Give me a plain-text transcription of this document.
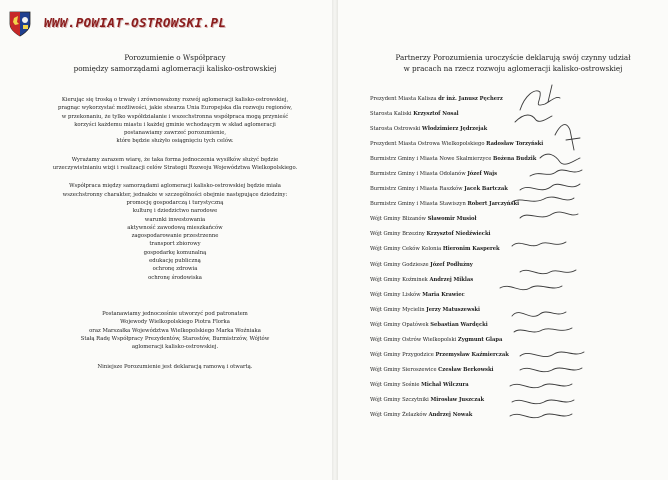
WWW.POWIAT-OSTROWSKI.PL
Porozumienie o Współpracy
pomiędzy samorządami aglomeracji kalisko-ostrowskiej

Kierując się troską o trwały i zrównoważony rozwój aglomeracji kalisko-ostrowskiej,

pragnąc wykorzystać możliwości, jakie stwarza Unia Europejska dla rozwoju regionów,

w przekonaniu, że tylko współdziałanie i wszechstronna współpraca mogą przynieść

korzyści każdemu miastu i każdej gminie wchodzącym w skład aglomeracji

postanawiamy zawrzeć porozumienie,

które będzie służyło osiągnięciu tych celów.

Wyrażamy zarazem wiarę, że taka forma jednoczenia wysiłków służyć będzie

urzeczywistnianiu wizji i realizacji celów Strategii Rozwoju Województwa Wielkopolskiego.

Współpraca między samorządami aglomeracji kalisko-ostrowskiej będzie miała

wszechstronny charakter, jednakże w szczególności obejmie następujące dziedziny:

promocję gospodarczą i turystyczną

kulturę i dziedzictwo narodowe

warunki inwestowania

aktywność zawodową mieszkańców

zagospodarowanie przestrzenne

transport zbiorowy

gospodarkę komunalną

edukację publiczną

ochronę zdrowia

ochronę środowiska

Postanawiamy jednocześnie utworzyć pod patronatem

Wojewody Wielkopolskiego Piotra Florka

oraz Marszałka Województwa Wielkopolskiego Marka Woźniaka

Stałą Radę Współpracy Prezydentów, Starostów, Burmistrzów, Wójtów

aglomeracji kalisko-ostrowskiej.

Niniejsze Porozumienie jest deklaracją ramową i otwartą.

Partnerzy Porozumienia uroczyście deklarują swój czynny udział
w pracach na rzecz rozwoju aglomeracji kalisko-ostrowskiej
Prezydent Miasta Kalisza dr inż. Janusz Pęcherz
Starosta Kaliski Krzysztof Nosal
Starosta Ostrowski Włodzimierz Jędrzejak
Prezydent Miasta Ostrowa Wielkopolskiego Radosław Torzyński
Burmistrz Gminy i Miasta Nowe Skalmierzyce Bożena Budzik
Burmistrz Gminy i Miasta Odolanów Józef Wajs
Burmistrz Gminy i Miasta Raszków Jacek Bartczak
Burmistrz Gminy i Miasta Stawiszyn Robert Jarczyński
Wójt Gminy Blizanów Sławomir Musioł
Wójt Gminy Brzeziny Krzysztof Niedźwiecki
Wójt Gminy Ceków Kolonia Hieronim Kasperek
Wójt Gminy Godziesze Józef Podłużny
Wójt Gminy Koźminek Andrzej Miklas
Wójt Gminy Lisków Maria Krawiec
Wójt Gminy Mycielin Jerzy Matuszewski
Wójt Gminy Opatówek Sebastian Wardęcki
Wójt Gminy Ostrów Wielkopolski Zygmunt Glapa
Wójt Gminy Przygodzice Przemysław Kaźmierczak
Wójt Gminy Sieroszewice Czesław Berkowski
Wójt Gminy Sośnie Michał Wilczura
Wójt Gminy Szczytniki Mirosław Juszczak
Wójt Gminy Żelazków Andrzej Nowak
